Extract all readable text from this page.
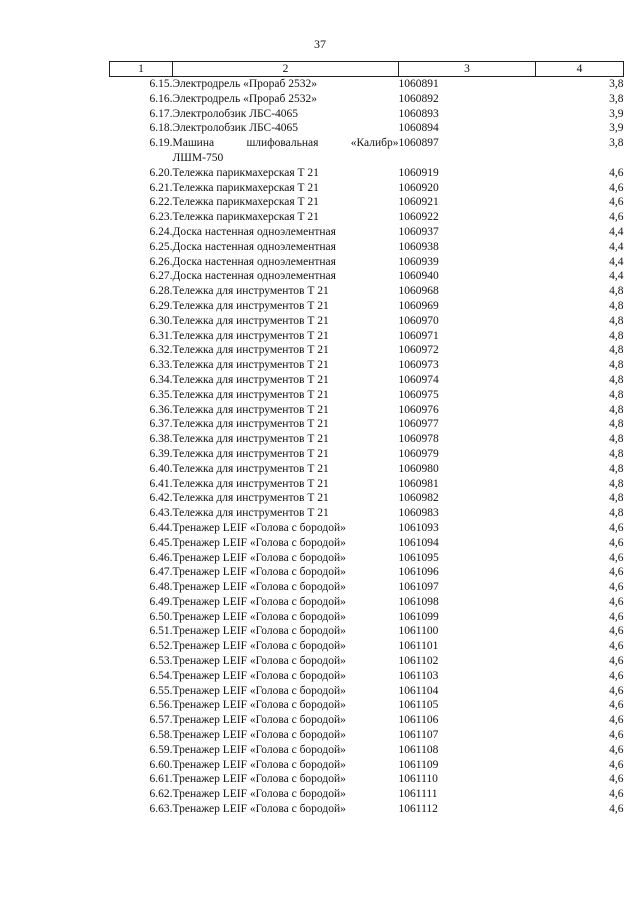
37
1	2	3	4
6.15.	Электродрель «Прораб 2532»	1060891	3,8
6.16.	Электродрель «Прораб 2532»	1060892	3,8
6.17.	Электролобзик ЛБС-4065	1060893	3,9
6.18.	Электролобзик ЛБС-4065	1060894	3,9
6.19.	Машина шлифовальная «Калибр»
ЛШМ-750	1060897	3,8
6.20.	Тележка парикмахерская Т 21	1060919	4,6
6.21.	Тележка парикмахерская Т 21	1060920	4,6
6.22.	Тележка парикмахерская Т 21	1060921	4,6
6.23.	Тележка парикмахерская Т 21	1060922	4,6
6.24.	Доска настенная одноэлементная	1060937	4,4
6.25.	Доска настенная одноэлементная	1060938	4,4
6.26.	Доска настенная одноэлементная	1060939	4,4
6.27.	Доска настенная одноэлементная	1060940	4,4
6.28.	Тележка для инструментов Т 21	1060968	4,8
6.29.	Тележка для инструментов Т 21	1060969	4,8
6.30.	Тележка для инструментов Т 21	1060970	4,8
6.31.	Тележка для инструментов Т 21	1060971	4,8
6.32.	Тележка для инструментов Т 21	1060972	4,8
6.33.	Тележка для инструментов Т 21	1060973	4,8
6.34.	Тележка для инструментов Т 21	1060974	4,8
6.35.	Тележка для инструментов Т 21	1060975	4,8
6.36.	Тележка для инструментов Т 21	1060976	4,8
6.37.	Тележка для инструментов Т 21	1060977	4,8
6.38.	Тележка для инструментов Т 21	1060978	4,8
6.39.	Тележка для инструментов Т 21	1060979	4,8
6.40.	Тележка для инструментов Т 21	1060980	4,8
6.41.	Тележка для инструментов Т 21	1060981	4,8
6.42.	Тележка для инструментов Т 21	1060982	4,8
6.43.	Тележка для инструментов Т 21	1060983	4,8
6.44.	Тренажер LEIF «Голова с бородой»	1061093	4,6
6.45.	Тренажер LEIF «Голова с бородой»	1061094	4,6
6.46.	Тренажер LEIF «Голова с бородой»	1061095	4,6
6.47.	Тренажер LEIF «Голова с бородой»	1061096	4,6
6.48.	Тренажер LEIF «Голова с бородой»	1061097	4,6
6.49.	Тренажер LEIF «Голова с бородой»	1061098	4,6
6.50.	Тренажер LEIF «Голова с бородой»	1061099	4,6
6.51.	Тренажер LEIF «Голова с бородой»	1061100	4,6
6.52.	Тренажер LEIF «Голова с бородой»	1061101	4,6
6.53.	Тренажер LEIF «Голова с бородой»	1061102	4,6
6.54.	Тренажер LEIF «Голова с бородой»	1061103	4,6
6.55.	Тренажер LEIF «Голова с бородой»	1061104	4,6
6.56.	Тренажер LEIF «Голова с бородой»	1061105	4,6
6.57.	Тренажер LEIF «Голова с бородой»	1061106	4,6
6.58.	Тренажер LEIF «Голова с бородой»	1061107	4,6
6.59.	Тренажер LEIF «Голова с бородой»	1061108	4,6
6.60.	Тренажер LEIF «Голова с бородой»	1061109	4,6
6.61.	Тренажер LEIF «Голова с бородой»	1061110	4,6
6.62.	Тренажер LEIF «Голова с бородой»	1061111	4,6
6.63.	Тренажер LEIF «Голова с бородой»	1061112	4,6
